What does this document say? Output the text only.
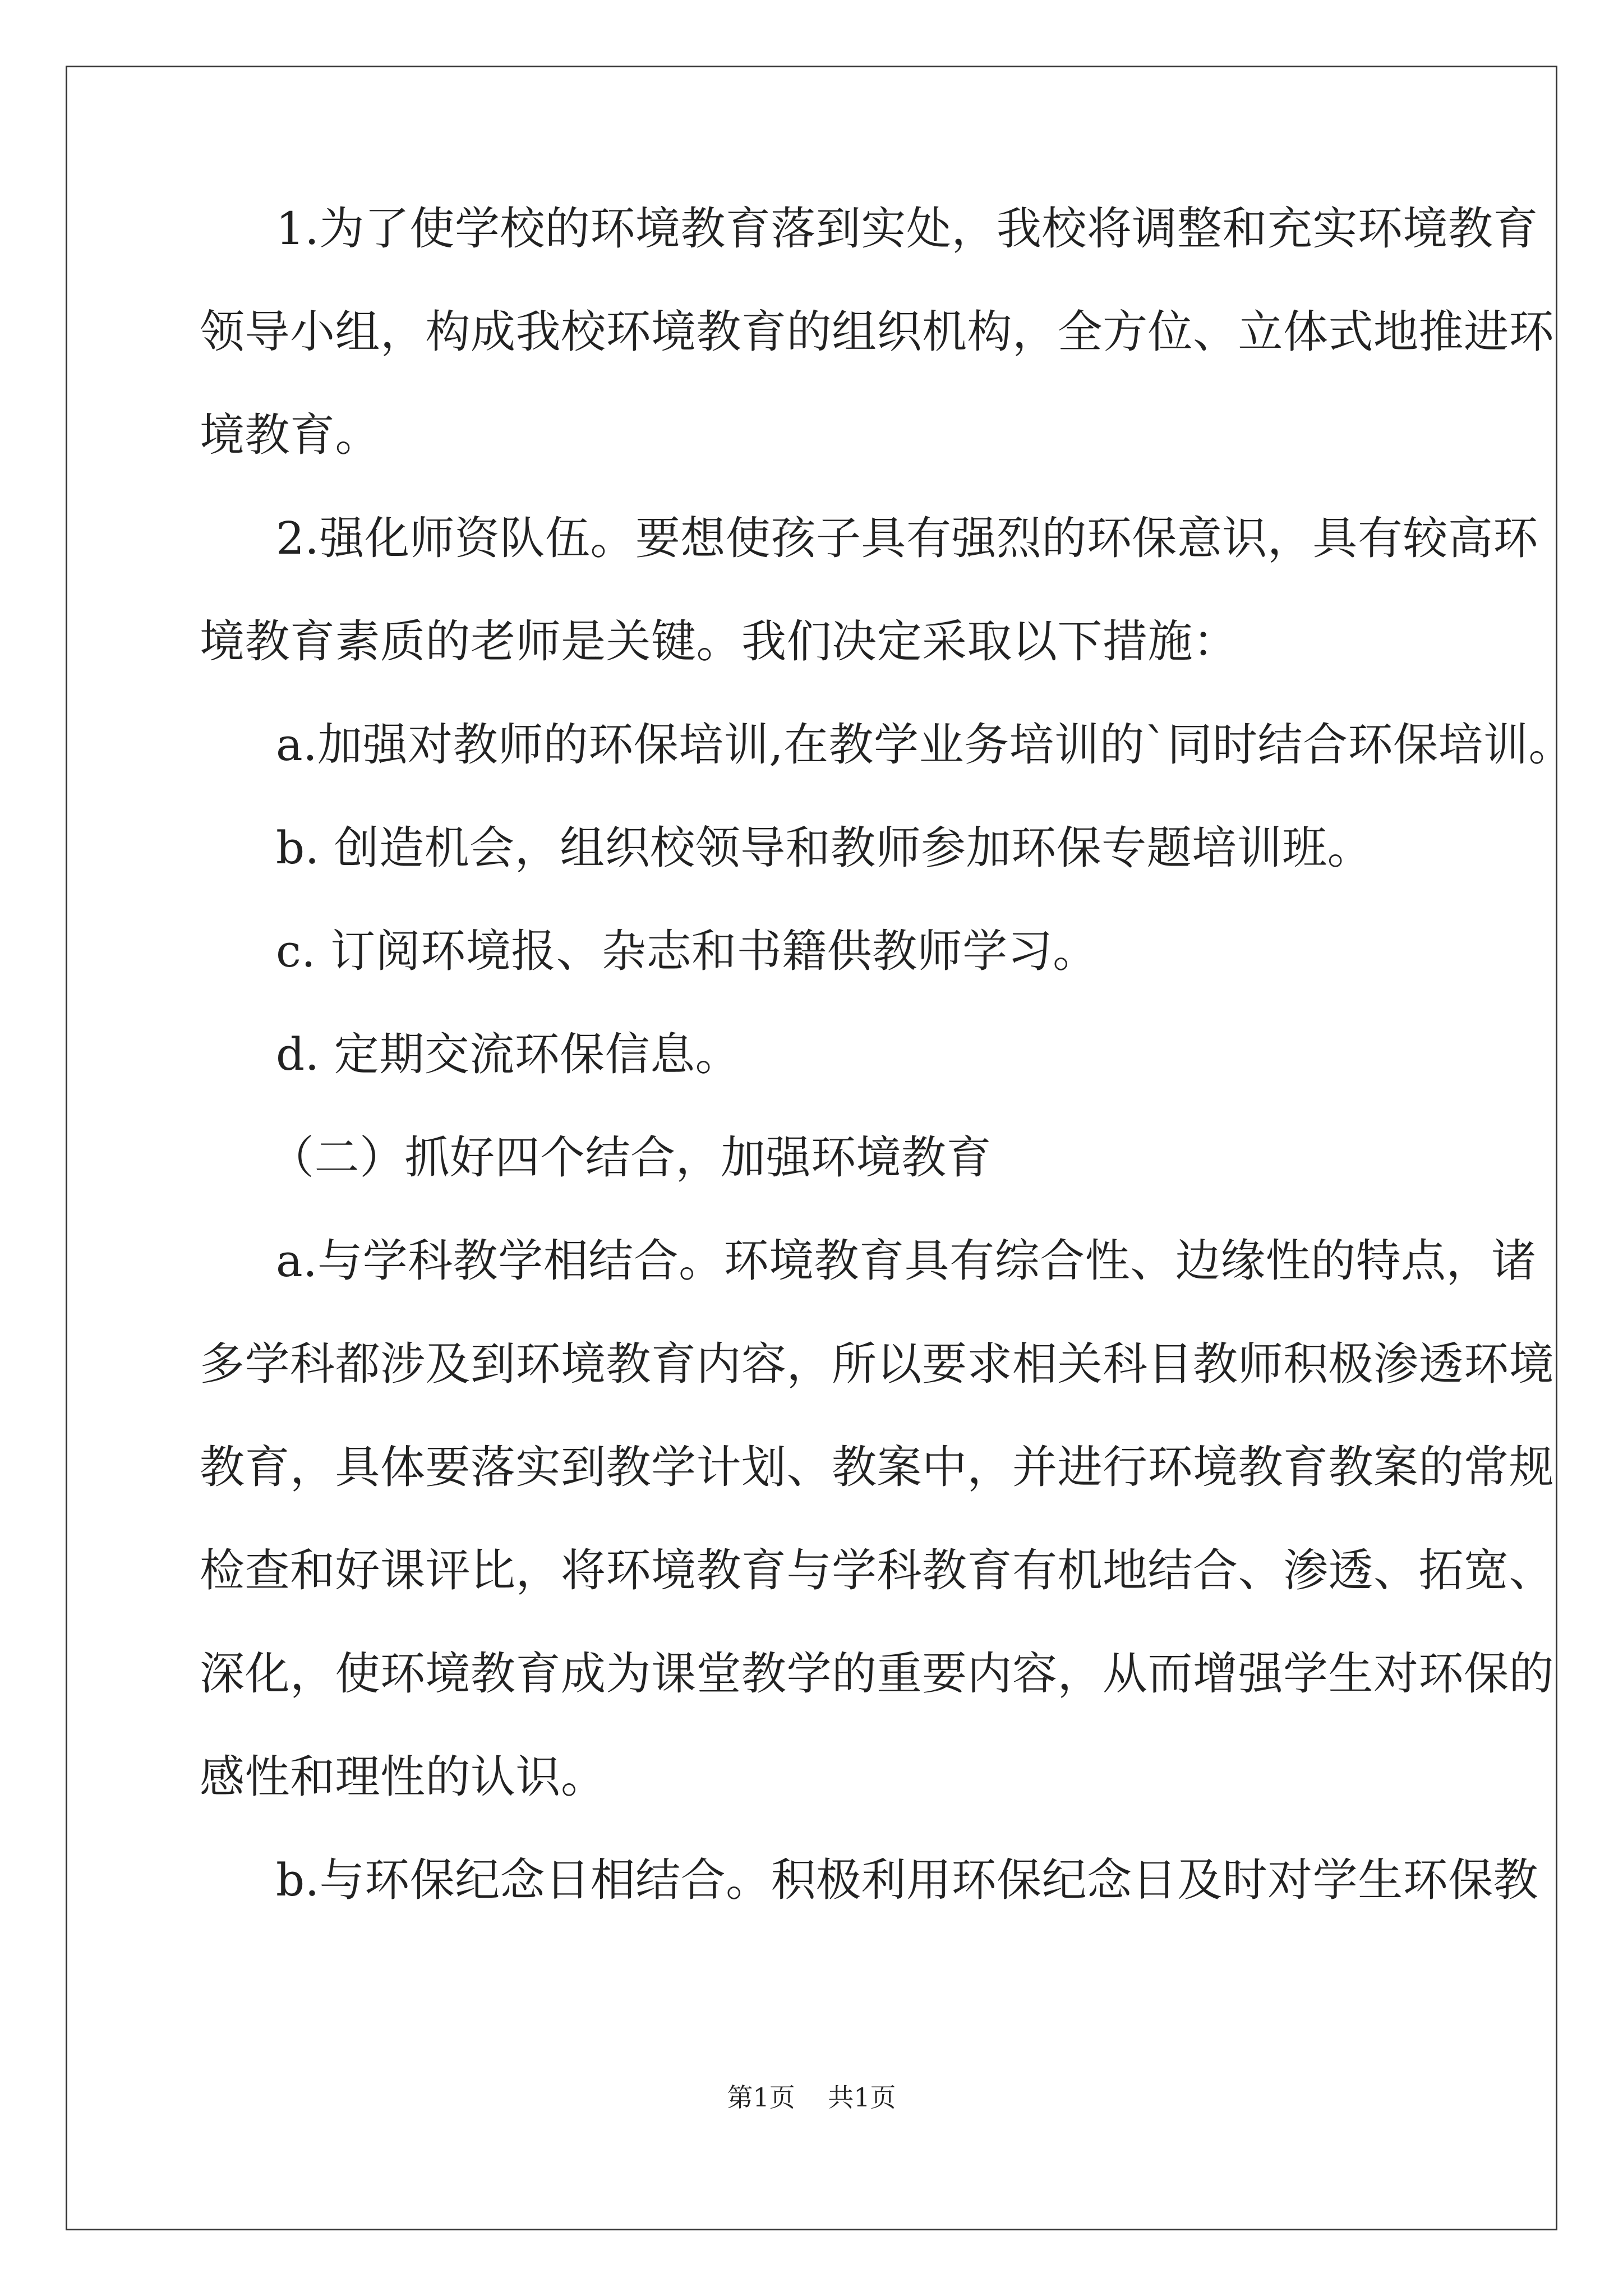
1.为了使学校的环境教育落到实处，我校将调整和充实环境教育
领导小组，构成我校环境教育的组织机构，全方位、立体式地推进环
境教育。
2.强化师资队伍。要想使孩子具有强烈的环保意识，具有较高环
境教育素质的老师是关键。我们决定采取以下措施：
a.加强对教师的环保培训,在教学业务培训的`同时结合环保培训。
b. 创造机会，组织校领导和教师参加环保专题培训班。
c. 订阅环境报、杂志和书籍供教师学习。
d. 定期交流环保信息。
（二）抓好四个结合，加强环境教育
a.与学科教学相结合。环境教育具有综合性、边缘性的特点，诸
多学科都涉及到环境教育内容，所以要求相关科目教师积极渗透环境
教育，具体要落实到教学计划、教案中，并进行环境教育教案的常规
检查和好课评比，将环境教育与学科教育有机地结合、渗透、拓宽、
深化，使环境教育成为课堂教学的重要内容，从而增强学生对环保的
感性和理性的认识。
b.与环保纪念日相结合。积极利用环保纪念日及时对学生环保教
第1页 共1页
